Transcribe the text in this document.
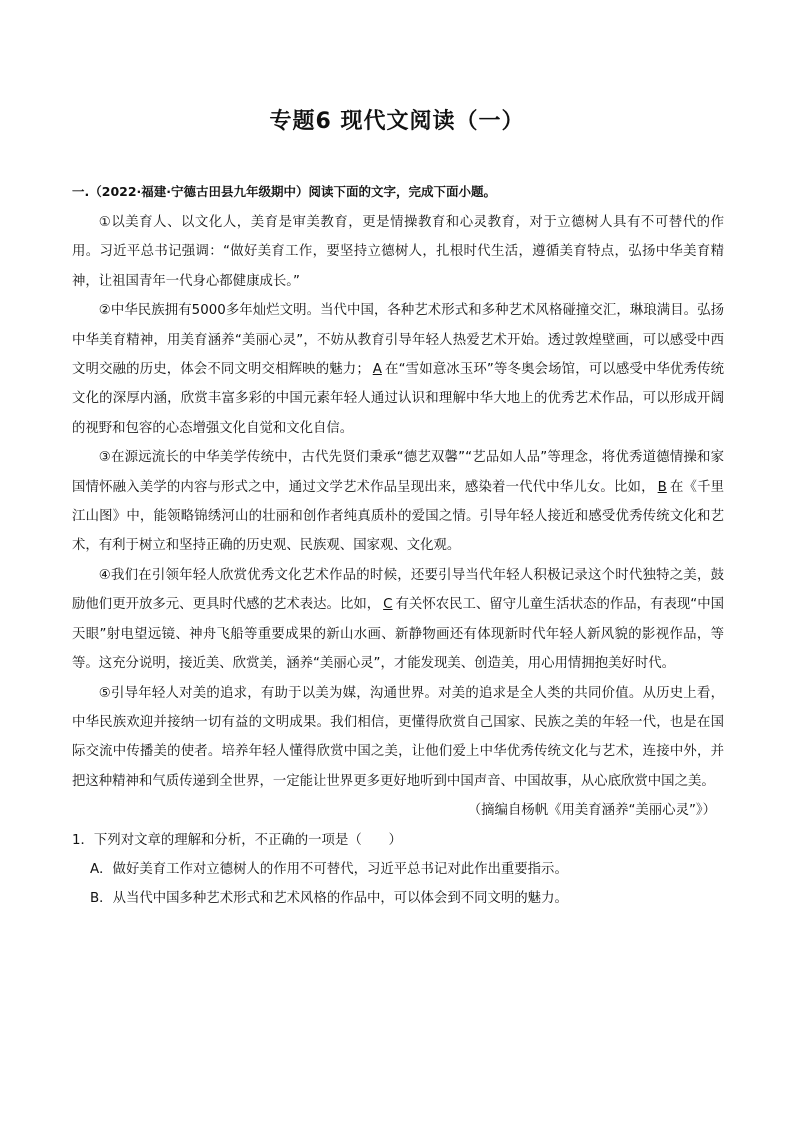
专题6 现代文阅读（一）
一.（2022·福建·宁德古田县九年级期中）阅读下面的文字，完成下面小题。

①以美育人、以文化人，美育是审美教育，更是情操教育和心灵教育，对于立德树人具有不可替代的作用。习近平总书记强调：“做好美育工作，要坚持立德树人，扎根时代生活，遵循美育特点，弘扬中华美育精神，让祖国青年一代身心都健康成长。”

②中华民族拥有5000多年灿烂文明。当代中国，各种艺术形式和多种艺术风格碰撞交汇，琳琅满目。弘扬中华美育精神，用美育涵养“美丽心灵”，不妨从教育引导年轻人热爱艺术开始。透过敦煌壁画，可以感受中西文明交融的历史，体会不同文明交相辉映的魅力； A 在“雪如意冰玉环”等冬奥会场馆，可以感受中华优秀传统文化的深厚内涵，欣赏丰富多彩的中国元素年轻人通过认识和理解中华大地上的优秀艺术作品，可以形成开阔的视野和包容的心态增强文化自觉和文化自信。

③在源远流长的中华美学传统中，古代先贤们秉承“德艺双馨”“艺品如人品”等理念，将优秀道德情操和家国情怀融入美学的内容与形式之中，通过文学艺术作品呈现出来，感染着一代代中华儿女。比如， B 在《千里江山图》中，能领略锦绣河山的壮丽和创作者纯真质朴的爱国之情。引导年轻人接近和感受优秀传统文化和艺术，有利于树立和坚持正确的历史观、民族观、国家观、文化观。

④我们在引领年轻人欣赏优秀文化艺术作品的时候，还要引导当代年轻人积极记录这个时代独特之美，鼓励他们更开放多元、更具时代感的艺术表达。比如， C 有关怀农民工、留守儿童生活状态的作品，有表现“中国天眼”射电望远镜、神舟飞船等重要成果的新山水画、新静物画还有体现新时代年轻人新风貌的影视作品，等等。这充分说明，接近美、欣赏美，涵养“美丽心灵”，才能发现美、创造美，用心用情拥抱美好时代。

⑤引导年轻人对美的追求，有助于以美为媒，沟通世界。对美的追求是全人类的共同价值。从历史上看，中华民族欢迎并接纳一切有益的文明成果。我们相信，更懂得欣赏自己国家、民族之美的年轻一代，也是在国际交流中传播美的使者。培养年轻人懂得欣赏中国之美，让他们爱上中华优秀传统文化与艺术，连接中外，并把这种精神和气质传递到全世界，一定能让世界更多更好地听到中国声音、中国故事，从心底欣赏中国之美。

（摘编自杨帆《用美育涵养“美丽心灵”》）

1．下列对文章的理解和分析，不正确的一项是（　　）

A．做好美育工作对立德树人的作用不可替代，习近平总书记对此作出重要指示。

B．从当代中国多种艺术形式和艺术风格的作品中，可以体会到不同文明的魅力。
